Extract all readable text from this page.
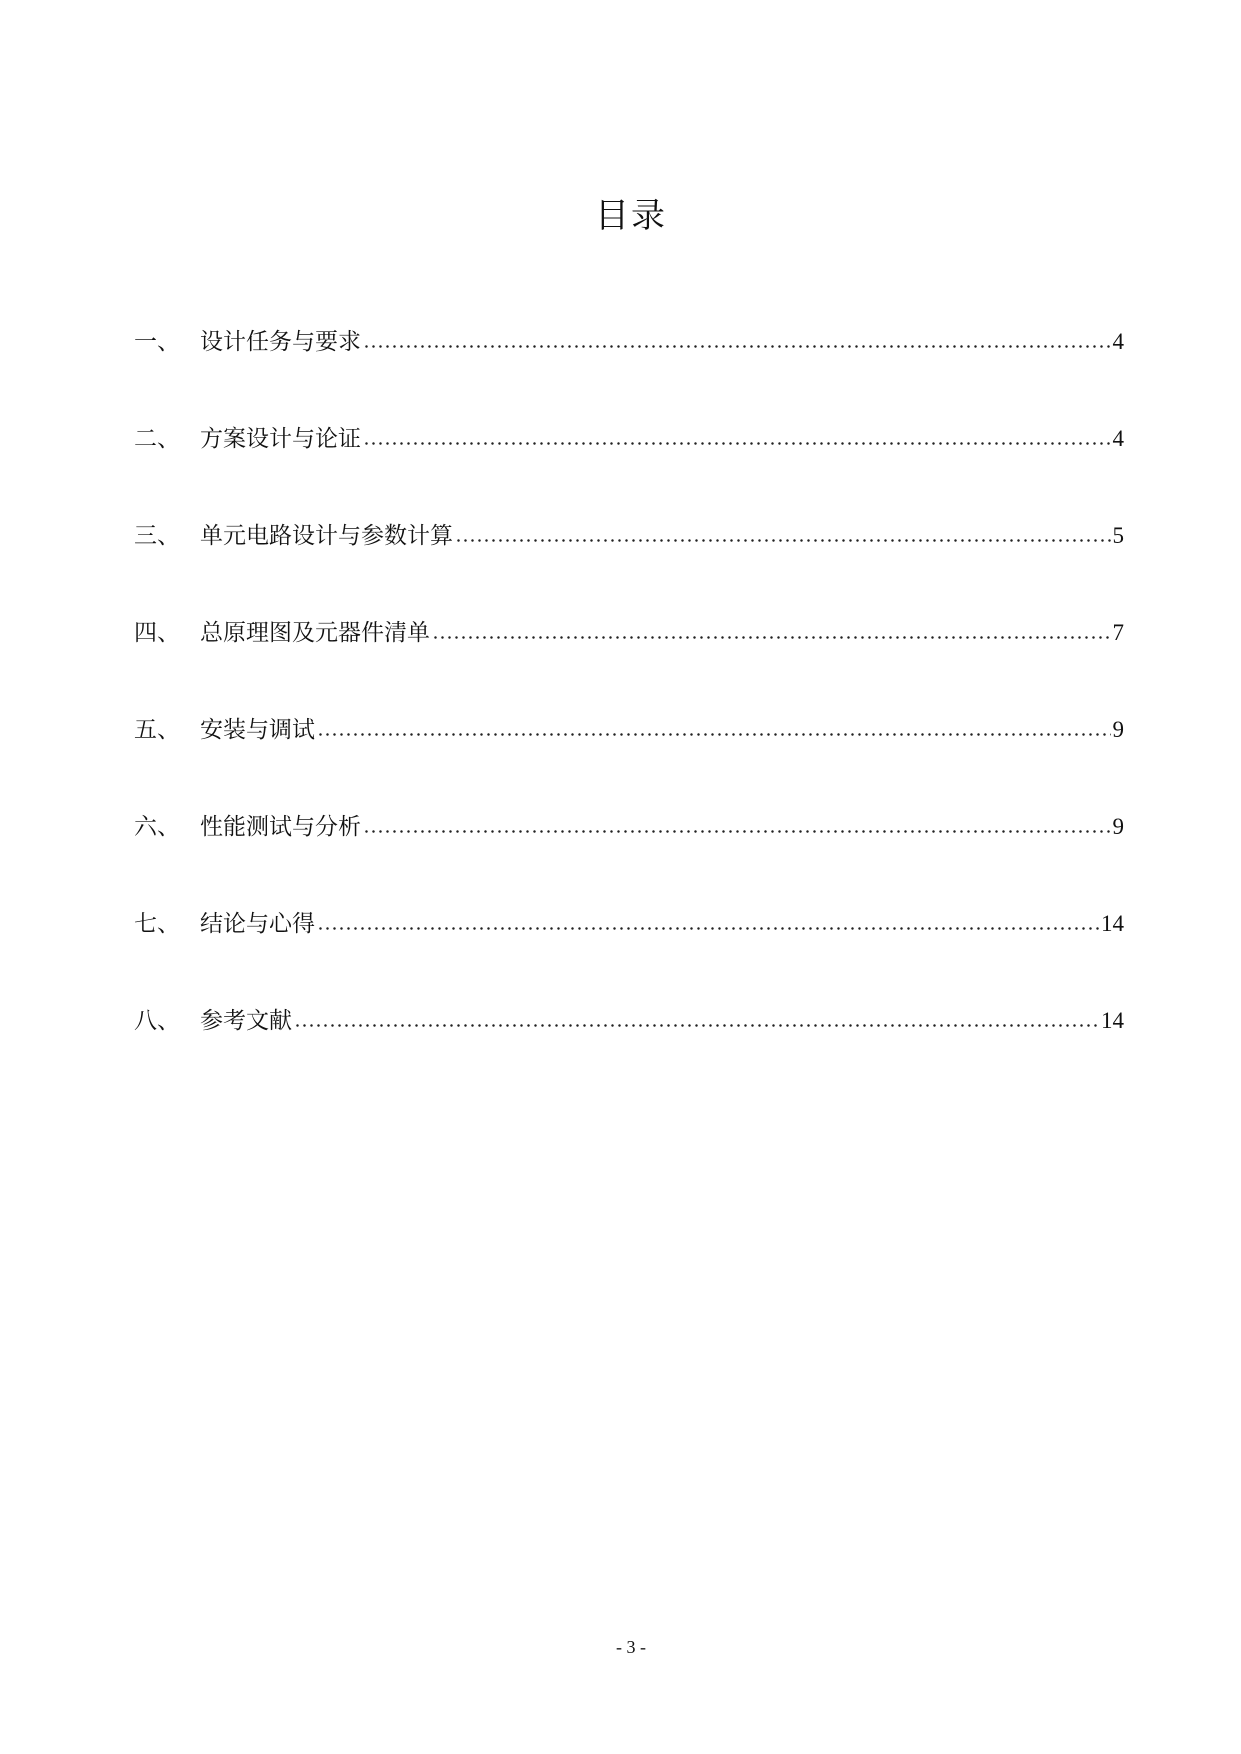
目录
一、 设计任务与要求	4
二、 方案设计与论证	4
三、 单元电路设计与参数计算	5
四、 总原理图及元器件清单	7
五、 安装与调试	9
六、 性能测试与分析	9
七、 结论与心得	14
八、 参考文献	14
- 3 -
